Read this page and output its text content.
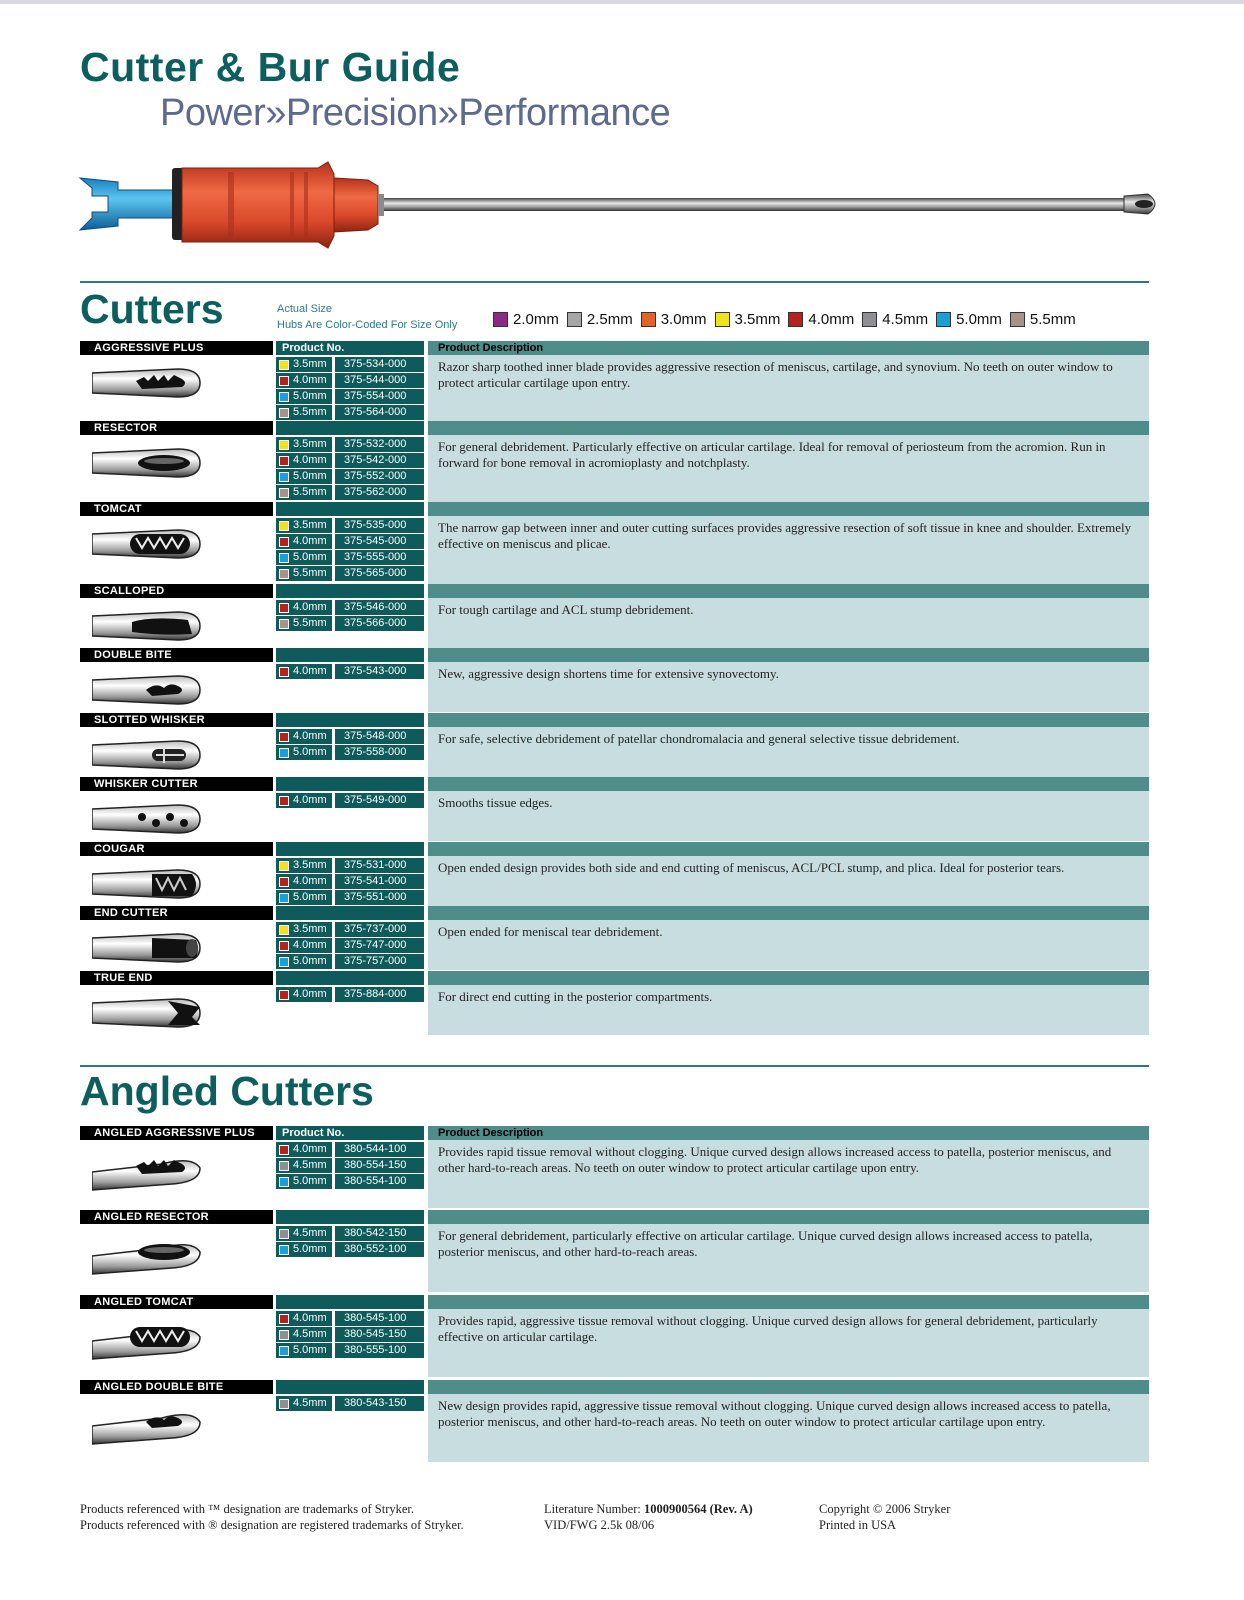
Cutter & Bur Guide
Power»Precision»Performance
Cutters	Actual Size
Hubs Are Color-Coded For Size Only	2.0mm 2.5mm 3.0mm 3.5mm 4.0mm 4.5mm 5.0mm 5.5mm
AGGRESSIVE PLUS	Product No.	Product Description
Razor sharp toothed inner blade provides aggressive resection of meniscus, cartilage, and synovium. No teeth on outer window to protect articular cartilage upon entry.
3.5mm	375-534-000
4.0mm	375-544-000
5.0mm	375-554-000
5.5mm	375-564-000
RESECTOR
For general debridement. Particularly effective on articular cartilage. Ideal for removal of periosteum from the acromion. Run in forward for bone removal in acromioplasty and notchplasty.
3.5mm	375-532-000
4.0mm	375-542-000
5.0mm	375-552-000
5.5mm	375-562-000
TOMCAT
The narrow gap between inner and outer cutting surfaces provides aggressive resection of soft tissue in knee and shoulder. Extremely effective on meniscus and plicae.
3.5mm	375-535-000
4.0mm	375-545-000
5.0mm	375-555-000
5.5mm	375-565-000
SCALLOPED
For tough cartilage and ACL stump debridement.
4.0mm	375-546-000
5.5mm	375-566-000
DOUBLE BITE
New, aggressive design shortens time for extensive synovectomy.
4.0mm	375-543-000
SLOTTED WHISKER
For safe, selective debridement of patellar chondromalacia and general selective tissue debridement.
4.0mm	375-548-000
5.0mm	375-558-000
WHISKER CUTTER
Smooths tissue edges.
4.0mm	375-549-000
COUGAR
Open ended design provides both side and end cutting of meniscus, ACL/PCL stump, and plica. Ideal for posterior tears.
3.5mm	375-531-000
4.0mm	375-541-000
5.0mm	375-551-000
END CUTTER
Open ended for meniscal tear debridement.
3.5mm	375-737-000
4.0mm	375-747-000
5.0mm	375-757-000
TRUE END
For direct end cutting in the posterior compartments.
4.0mm	375-884-000
Angled Cutters
ANGLED AGGRESSIVE PLUS	Product No.	Product Description
Provides rapid tissue removal without clogging. Unique curved design allows increased access to patella, posterior meniscus, and other hard-to-reach areas. No teeth on outer window to protect articular cartilage upon entry.
4.0mm	380-544-100
4.5mm	380-554-150
5.0mm	380-554-100
ANGLED RESECTOR
For general debridement, particularly effective on articular cartilage. Unique curved design allows increased access to patella, posterior meniscus, and other hard-to-reach areas.
4.5mm	380-542-150
5.0mm	380-552-100
ANGLED TOMCAT
Provides rapid, aggressive tissue removal without clogging. Unique curved design allows for general debridement, particularly effective on articular cartilage.
4.0mm	380-545-100
4.5mm	380-545-150
5.0mm	380-555-100
ANGLED DOUBLE BITE
New design provides rapid, aggressive tissue removal without clogging. Unique curved design allows increased access to patella, posterior meniscus, and other hard-to-reach areas. No teeth on outer window to protect articular cartilage upon entry.
4.5mm	380-543-150
Products referenced with ™ designation are trademarks of Stryker.
Products referenced with ® designation are registered trademarks of Stryker.
Literature Number: 1000900564 (Rev. A)
VID/FWG 2.5k 08/06
Copyright © 2006 Stryker
Printed in USA
